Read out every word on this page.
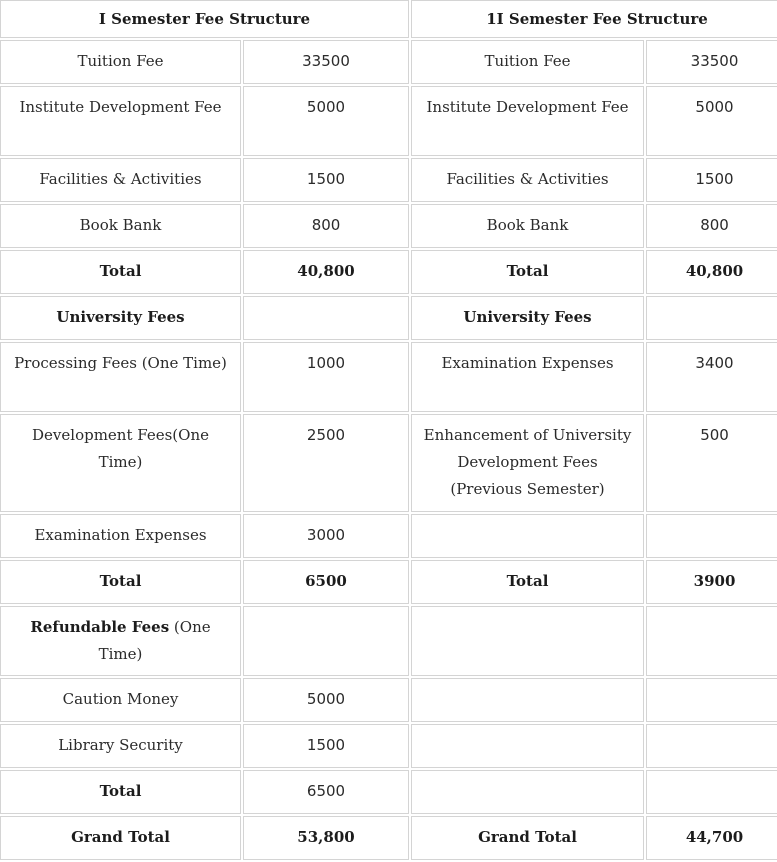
I Semester Fee Structure		1I Semester Fee Structure	

Tuition Fee	33500	Tuition Fee	33500

Institute Development Fee	5000	Institute Development Fee	5000

Facilities & Activities	1500	Facilities & Activities	1500

Book Bank	800	Book Bank	800

Total	40,800	Total	40,800

University Fees		University Fees	

Processing Fees (One Time)	1000	Examination Expenses	3400

Development Fees(One Time)	2500	Enhancement of University Development Fees (Previous Semester)	500

Examination Expenses	3000		

Total	6500	Total	3900

Refundable Fees (One Time)			

Caution Money	5000		

Library Security	1500		

Total	6500		

Grand Total	53,800	Grand Total	44,700
